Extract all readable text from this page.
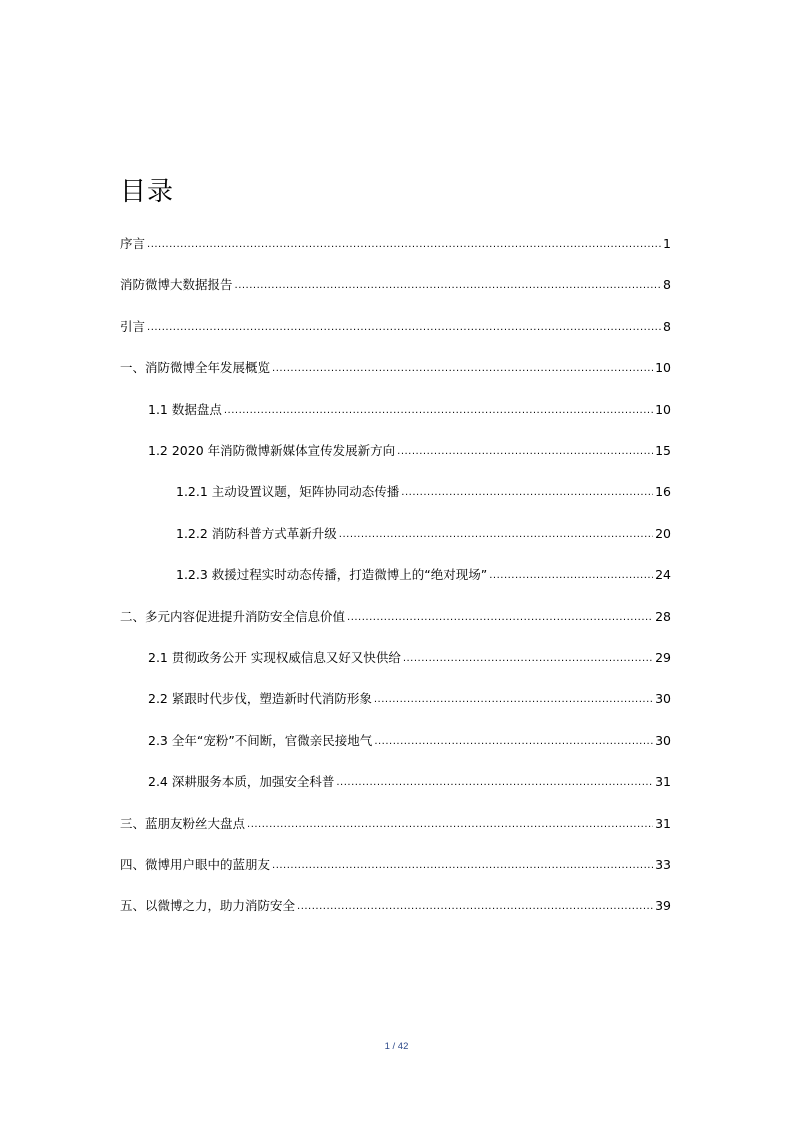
目录
序言 .....	1
消防微博大数据报告 .....	8
引言 .....	8
一、消防微博全年发展概览 .....	10
1.1 数据盘点 .....	10
1.2 2020 年消防微博新媒体宣传发展新方向 .....	15
1.2.1 主动设置议题，矩阵协同动态传播 .....	16
1.2.2 消防科普方式革新升级 .....	20
1.2.3 救援过程实时动态传播，打造微博上的“绝对现场” .....	24
二、多元内容促进提升消防安全信息价值 .....	28
2.1 贯彻政务公开 实现权威信息又好又快供给 .....	29
2.2 紧跟时代步伐，塑造新时代消防形象 .....	30
2.3 全年“宠粉”不间断，官微亲民接地气 .....	30
2.4 深耕服务本质，加强安全科普 .....	31
三、蓝朋友粉丝大盘点 .....	31
四、微博用户眼中的蓝朋友 .....	33
五、以微博之力，助力消防安全 .....	39
1 / 42
